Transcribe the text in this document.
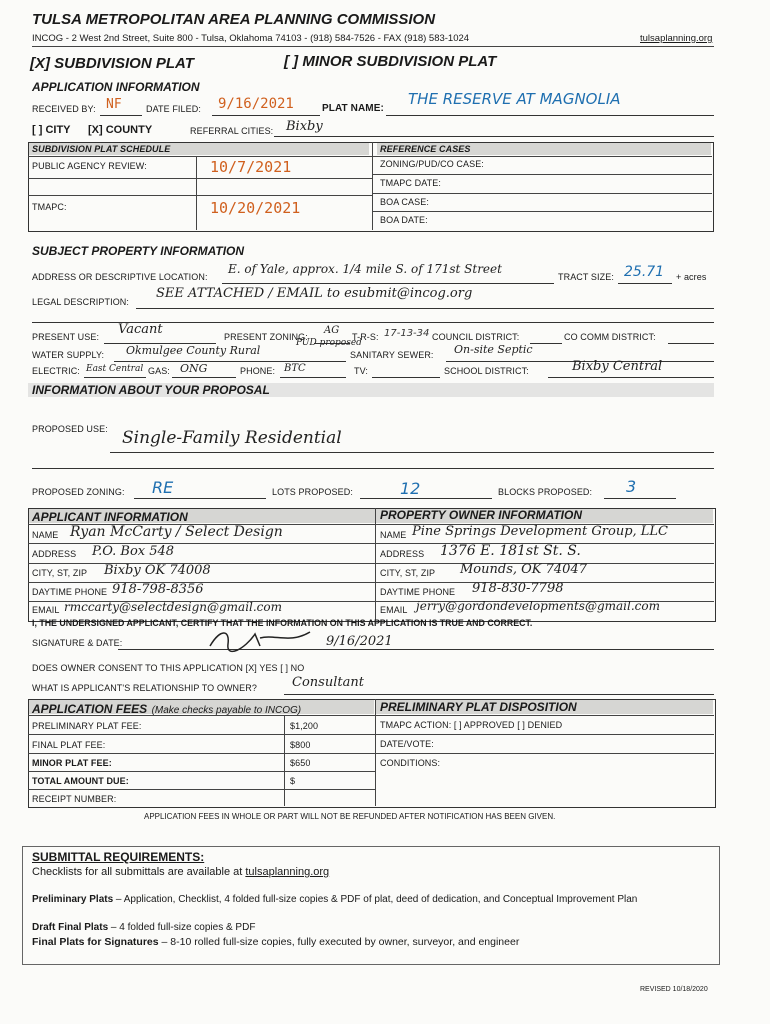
TULSA METROPOLITAN AREA PLANNING COMMISSION
INCOG - 2 West 2nd Street, Suite 800 - Tulsa, Oklahoma 74103 - (918) 584-7526 - FAX (918) 583-1024	tulsaplanning.org
[X] SUBDIVISION PLAT	[ ] MINOR SUBDIVISION PLAT
APPLICATION INFORMATION
RECEIVED BY: NF	DATE FILED: 9/16/2021	PLAT NAME:
THE RESERVE AT MAGNOLIA
[ ] CITY [X] COUNTY	REFERRAL CITIES: Bixby
SUBDIVISION PLAT SCHEDULE	REFERENCE CASES
PUBLIC AGENCY REVIEW:	10/7/2021
TMAPC:	10/20/2021
ZONING/PUD/CO CASE:
TMAPC DATE:
BOA CASE:
BOA DATE:
SUBJECT PROPERTY INFORMATION
ADDRESS OR DESCRIPTIVE LOCATION:
E. of Yale, approx. 1/4 mile S. of 171st Street
TRACT SIZE: 25.71 + acres
LEGAL DESCRIPTION:
SEE ATTACHED / EMAIL to esubmit@incog.org
PRESENT USE: Vacant	PRESENT ZONING:
AG
PUD proposed
T-R-S: 17-13-34 COUNCIL DISTRICT:	CO COMM DISTRICT:
WATER SUPPLY: Okmulgee County Rural	SANITARY SEWER: On-site Septic
ELECTRIC: East Central GAS: ONG	PHONE: BTC	TV:	SCHOOL DISTRICT:	Bixby Central
INFORMATION ABOUT YOUR PROPOSAL
PROPOSED USE: Single-Family Residential
PROPOSED ZONING: RE	LOTS PROPOSED:	12	BLOCKS PROPOSED: 3
APPLICANT INFORMATION	PROPERTY OWNER INFORMATION
NAME Ryan McCarty / Select Design
ADDRESS P.O. Box 548
CITY, ST, ZIP Bixby OK 74008
DAYTIME PHONE 918-798-8356
EMAIL rmccarty@selectdesign@gmail.com
NAME Pine Springs Development Group, LLC
ADDRESS 1376 E. 181st St. S.
CITY, ST, ZIP Mounds, OK 74047
DAYTIME PHONE 918-830-7798
EMAIL jerry@gordondevelopments@gmail.com
I, THE UNDERSIGNED APPLICANT, CERTIFY THAT THE INFORMATION ON THIS APPLICATION IS TRUE AND CORRECT.
SIGNATURE & DATE:	9/16/2021
DOES OWNER CONSENT TO THIS APPLICATION [X] YES [ ] NO
WHAT IS APPLICANT'S RELATIONSHIP TO OWNER?	Consultant
APPLICATION FEES (Make checks payable to INCOG)	PRELIMINARY PLAT DISPOSITION
PRELIMINARY PLAT FEE:	$1,200
FINAL PLAT FEE:	$800
MINOR PLAT FEE:	$650
TOTAL AMOUNT DUE:	$
RECEIPT NUMBER:
TMAPC ACTION: [ ] APPROVED [ ] DENIED
DATE/VOTE:
CONDITIONS:
APPLICATION FEES IN WHOLE OR PART WILL NOT BE REFUNDED AFTER NOTIFICATION HAS BEEN GIVEN.
SUBMITTAL REQUIREMENTS:
Checklists for all submittals are available at tulsaplanning.org
Preliminary Plats – Application, Checklist, 4 folded full-size copies & PDF of plat, deed of dedication, and Conceptual Improvement Plan
Draft Final Plats – 4 folded full-size copies & PDF
Final Plats for Signatures – 8-10 rolled full-size copies, fully executed by owner, surveyor, and engineer
REVISED 10/18/2020
